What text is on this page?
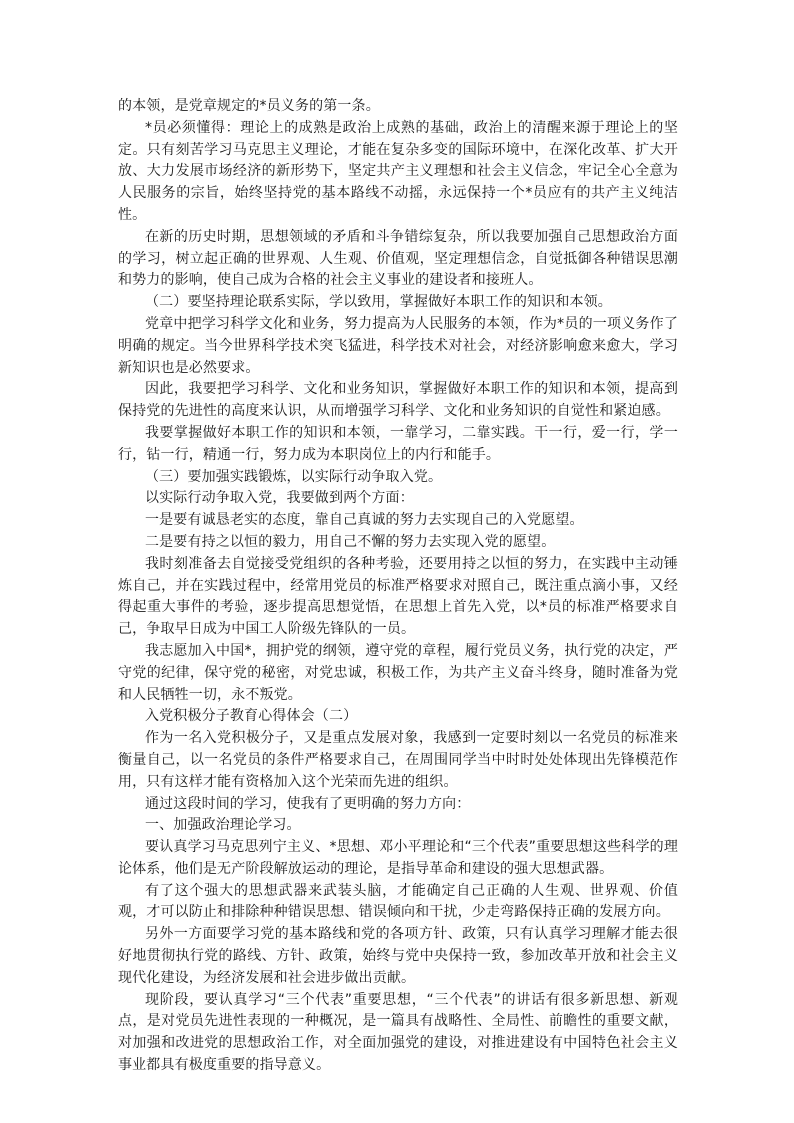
的本领，是党章规定的*员义务的第一条。

*员必须懂得：理论上的成熟是政治上成熟的基础，政治上的清醒来源于理论上的坚定。只有刻苦学习马克思主义理论，才能在复杂多变的国际环境中，在深化改革、扩大开放、大力发展市场经济的新形势下，坚定共产主义理想和社会主义信念，牢记全心全意为人民服务的宗旨，始终坚持党的基本路线不动摇，永远保持一个*员应有的共产主义纯洁性。

在新的历史时期，思想领域的矛盾和斗争错综复杂，所以我要加强自己思想政治方面的学习，树立起正确的世界观、人生观、价值观，坚定理想信念，自觉抵御各种错误思潮和势力的影响，使自己成为合格的社会主义事业的建设者和接班人。

（二）要坚持理论联系实际，学以致用，掌握做好本职工作的知识和本领。

党章中把学习科学文化和业务，努力提高为人民服务的本领，作为*员的一项义务作了明确的规定。当今世界科学技术突飞猛进，科学技术对社会，对经济影响愈来愈大，学习新知识也是必然要求。

因此，我要把学习科学、文化和业务知识，掌握做好本职工作的知识和本领，提高到保持党的先进性的高度来认识，从而增强学习科学、文化和业务知识的自觉性和紧迫感。

我要掌握做好本职工作的知识和本领，一靠学习，二靠实践。干一行，爱一行，学一行，钻一行，精通一行，努力成为本职岗位上的内行和能手。

（三）要加强实践锻炼，以实际行动争取入党。

以实际行动争取入党，我要做到两个方面：

一是要有诚恳老实的态度，靠自己真诚的努力去实现自己的入党愿望。

二是要有持之以恒的毅力，用自己不懈的努力去实现入党的愿望。

我时刻准备去自觉接受党组织的各种考验，还要用持之以恒的努力，在实践中主动锤炼自己，并在实践过程中，经常用党员的标准严格要求对照自己，既注重点滴小事，又经得起重大事件的考验，逐步提高思想觉悟，在思想上首先入党，以*员的标准严格要求自己，争取早日成为中国工人阶级先锋队的一员。

我志愿加入中国*，拥护党的纲领，遵守党的章程，履行党员义务，执行党的决定，严守党的纪律，保守党的秘密，对党忠诚，积极工作，为共产主义奋斗终身，随时准备为党和人民牺牲一切，永不叛党。

入党积极分子教育心得体会（二）

作为一名入党积极分子，又是重点发展对象，我感到一定要时刻以一名党员的标准来衡量自己，以一名党员的条件严格要求自己，在周围同学当中时时处处体现出先锋模范作用，只有这样才能有资格加入这个光荣而先进的组织。

通过这段时间的学习，使我有了更明确的努力方向：

一、加强政治理论学习。

要认真学习马克思列宁主义、*思想、邓小平理论和“三个代表”重要思想这些科学的理论体系，他们是无产阶段解放运动的理论，是指导革命和建设的强大思想武器。

有了这个强大的思想武器来武装头脑，才能确定自己正确的人生观、世界观、价值观，才可以防止和排除种种错误思想、错误倾向和干扰，少走弯路保持正确的发展方向。

另外一方面要学习党的基本路线和党的各项方针、政策，只有认真学习理解才能去很好地贯彻执行党的路线、方针、政策，始终与党中央保持一致，参加改革开放和社会主义现代化建设，为经济发展和社会进步做出贡献。

现阶段，要认真学习“三个代表”重要思想，“三个代表”的讲话有很多新思想、新观点，是对党员先进性表现的一种概况，是一篇具有战略性、全局性、前瞻性的重要文献，对加强和改进党的思想政治工作，对全面加强党的建设，对推进建设有中国特色社会主义事业都具有极度重要的指导意义。
